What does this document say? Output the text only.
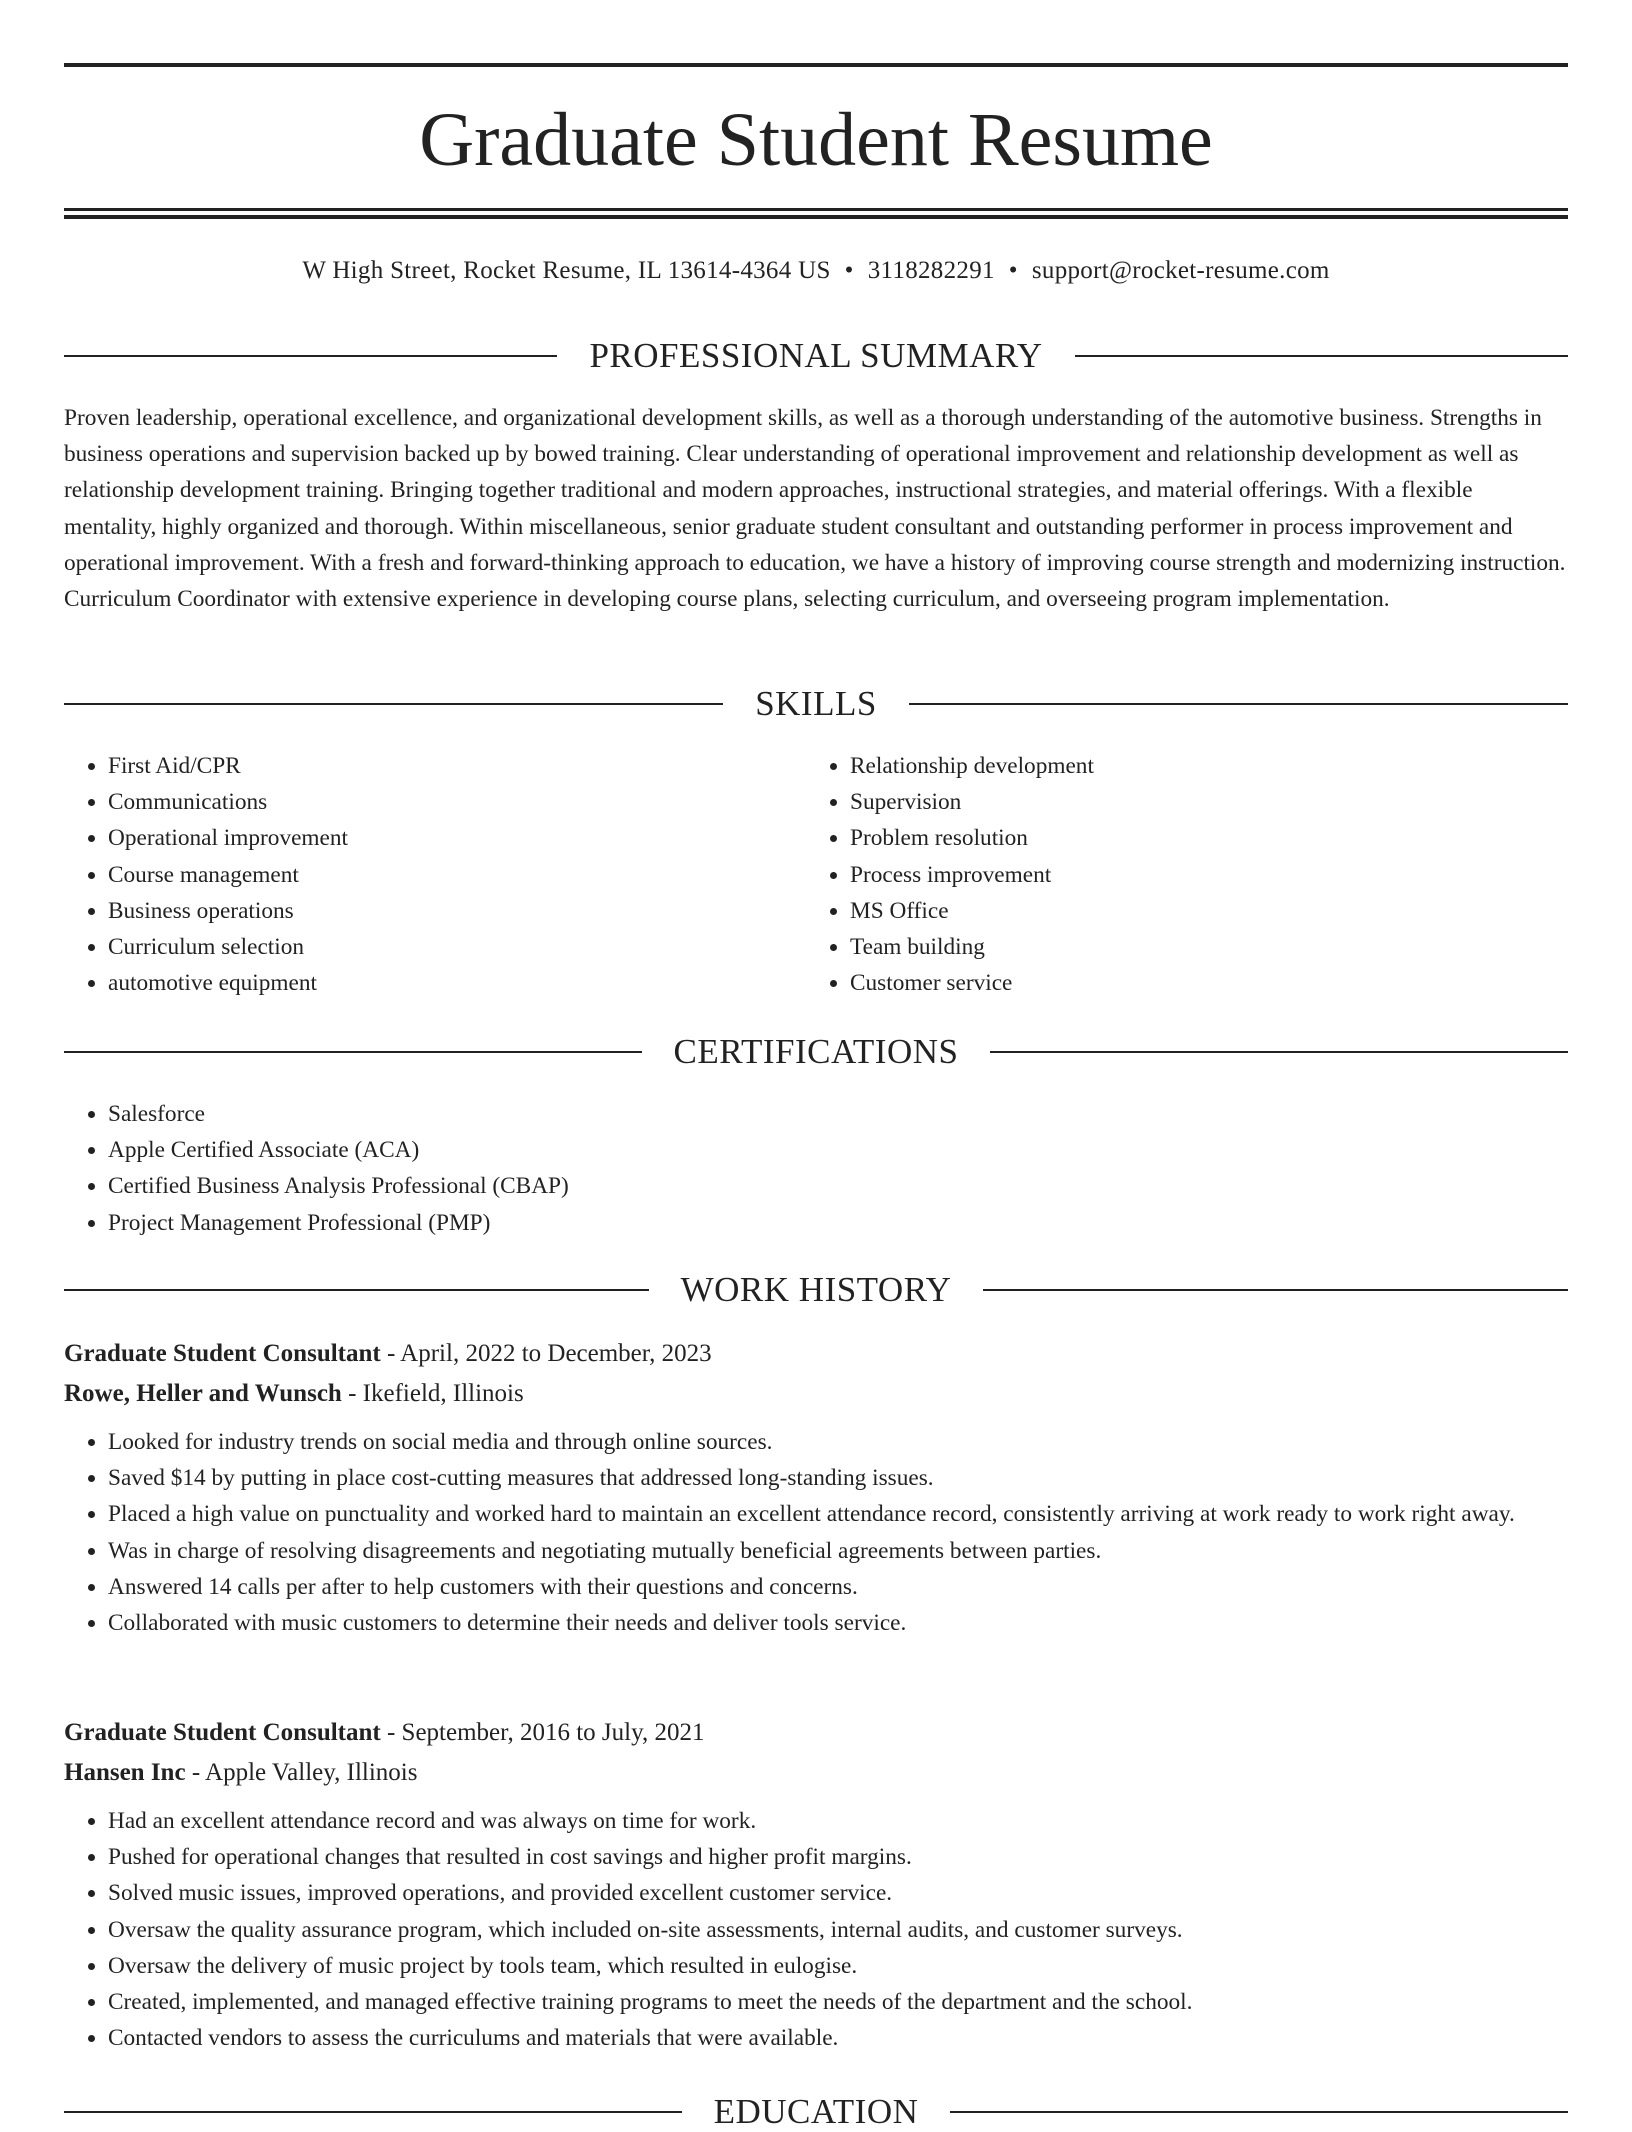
Graduate Student Resume
W High Street, Rocket Resume, IL 13614-4364 US • 3118282291 • support@rocket-resume.com
PROFESSIONAL SUMMARY

Proven leadership, operational excellence, and organizational development skills, as well as a thorough understanding of the automotive business. Strengths in business operations and supervision backed up by bowed training. Clear understanding of operational improvement and relationship development as well as relationship development training. Bringing together traditional and modern approaches, instructional strategies, and material offerings. With a flexible mentality, highly organized and thorough. Within miscellaneous, senior graduate student consultant and outstanding performer in process improvement and operational improvement. With a fresh and forward-thinking approach to education, we have a history of improving course strength and modernizing instruction. Curriculum Coordinator with extensive experience in developing course plans, selecting curriculum, and overseeing program implementation.

SKILLS
• First Aid/CPR
• Communications
• Operational improvement
• Course management
• Business operations
• Curriculum selection
• automotive equipment
• Relationship development
• Supervision
• Problem resolution
• Process improvement
• MS Office
• Team building
• Customer service
CERTIFICATIONS
• Salesforce
• Apple Certified Associate (ACA)
• Certified Business Analysis Professional (CBAP)
• Project Management Professional (PMP)
WORK HISTORY
Graduate Student Consultant - April, 2022 to December, 2023
Rowe, Heller and Wunsch - Ikefield, Illinois
• Looked for industry trends on social media and through online sources.
• Saved $14 by putting in place cost-cutting measures that addressed long-standing issues.
• Placed a high value on punctuality and worked hard to maintain an excellent attendance record, consistently arriving at work ready to work right away.
• Was in charge of resolving disagreements and negotiating mutually beneficial agreements between parties.
• Answered 14 calls per after to help customers with their questions and concerns.
• Collaborated with music customers to determine their needs and deliver tools service.
Graduate Student Consultant - September, 2016 to July, 2021
Hansen Inc - Apple Valley, Illinois
• Had an excellent attendance record and was always on time for work.
• Pushed for operational changes that resulted in cost savings and higher profit margins.
• Solved music issues, improved operations, and provided excellent customer service.
• Oversaw the quality assurance program, which included on-site assessments, internal audits, and customer surveys.
• Oversaw the delivery of music project by tools team, which resulted in eulogise.
• Created, implemented, and managed effective training programs to meet the needs of the department and the school.
• Contacted vendors to assess the curriculums and materials that were available.
EDUCATION
